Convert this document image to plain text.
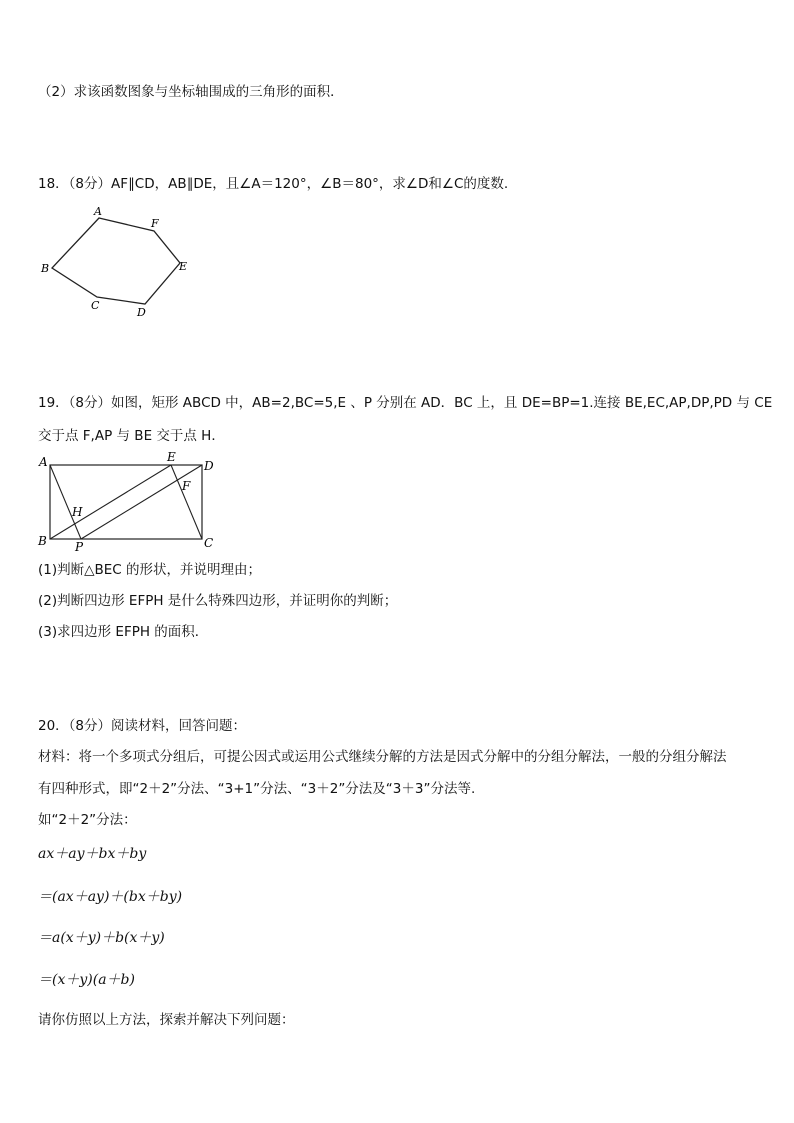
（2）求该函数图象与坐标轴围成的三角形的面积．
18．（8分）AF∥CD，AB∥DE，且∠A＝120°，∠B＝80°，求∠D和∠C的度数.
A
F
E
D
C
B
19．（8分）如图，矩形 ABCD 中，AB=2,BC=5,E 、P 分别在 AD．BC 上，且 DE=BP=1.连接 BE,EC,AP,DP,PD 与 CE
交于点 F,AP 与 BE 交于点 H．
A	E
D
F
H
B P	C
(1)判断△BEC 的形状，并说明理由；
(2)判断四边形 EFPH 是什么特殊四边形，并证明你的判断；
(3)求四边形 EFPH 的面积．
20．（8分）阅读材料，回答问题：
材料：将一个多项式分组后，可提公因式或运用公式继续分解的方法是因式分解中的分组分解法，一般的分组分解法
有四种形式，即“2＋2”分法、“3+1”分法、“3＋2”分法及“3＋3”分法等.
如“2＋2”分法：
ax＋ay＋bx＋by
＝(ax＋ay)＋(bx＋by)
＝a(x＋y)＋b(x＋y)
＝(x＋y)(a＋b)
请你仿照以上方法，探索并解决下列问题：
